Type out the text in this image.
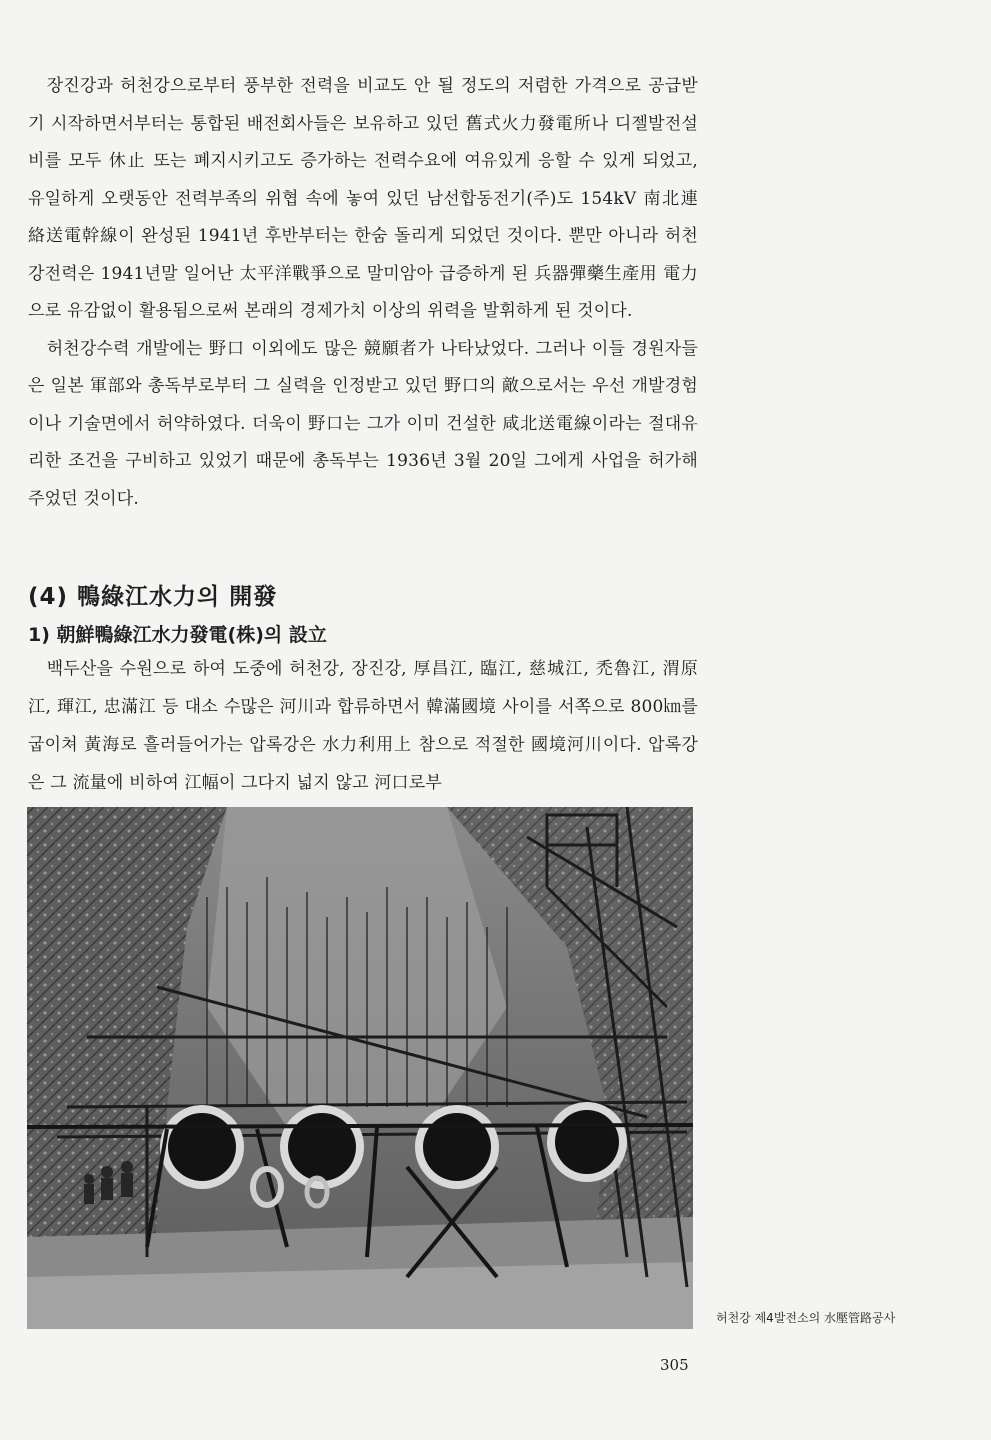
장진강과 허천강으로부터 풍부한 전력을 비교도 안 될 정도의 저렴한 가격으로 공급받기 시작하면서부터는 통합된 배전회사들은 보유하고 있던 舊式火力發電所나 디젤발전설비를 모두 休止 또는 폐지시키고도 증가하는 전력수요에 여유있게 응할 수 있게 되었고, 유일하게 오랫동안 전력부족의 위협 속에 놓여 있던 남선합동전기(주)도 154kV 南北連絡送電幹線이 완성된 1941년 후반부터는 한숨 돌리게 되었던 것이다. 뿐만 아니라 허천강전력은 1941년말 일어난 太平洋戰爭으로 말미암아 급증하게 된 兵器彈藥生產用 電力으로 유감없이 활용됨으로써 본래의 경제가치 이상의 위력을 발휘하게 된 것이다.

허천강수력 개발에는 野口 이외에도 많은 競願者가 나타났었다. 그러나 이들 경원자들은 일본 軍部와 총독부로부터 그 실력을 인정받고 있던 野口의 敵으로서는 우선 개발경험이나 기술면에서 허약하였다. 더욱이 野口는 그가 이미 건설한 咸北送電線이라는 절대유리한 조건을 구비하고 있었기 때문에 총독부는 1936년 3월 20일 그에게 사업을 허가해 주었던 것이다.

(4) 鴨綠江水力의 開發
1) 朝鮮鴨綠江水力發電(株)의 設立

백두산을 수원으로 하여 도중에 허천강, 장진강, 厚昌江, 臨江, 慈城江, 禿魯江, 渭原江, 琿江, 忠滿江 등 대소 수많은 河川과 합류하면서 韓滿國境 사이를 서쪽으로 800㎞를 굽이쳐 黃海로 흘러들어가는 압록강은 水力利用上 참으로 적절한 國境河川이다. 압록강은 그 流量에 비하여 江幅이 그다지 넓지 않고 河口로부

허천강 제4발전소의 水壓管路공사
305
